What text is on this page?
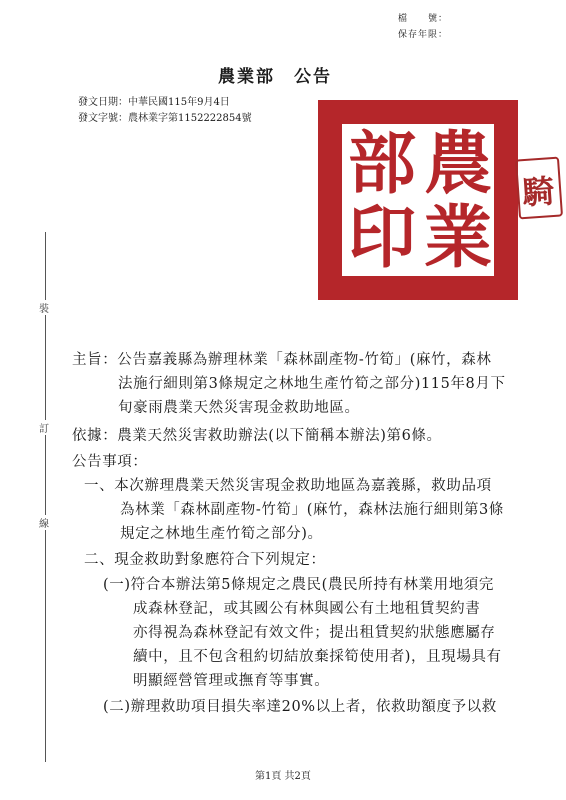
檔　　號：
保存年限：
農業部　公告
發文日期：中華民國115年9月4日
發文字號：農林業字第1152222854號
農
業
部
印
騎
裝
訂
線
主旨：公告嘉義縣為辦理林業「森林副產物-竹筍」(麻竹，森林
法施行細則第3條規定之林地生產竹筍之部分)115年8月下
旬豪雨農業天然災害現金救助地區。
依據：農業天然災害救助辦法(以下簡稱本辦法)第6條。
公告事項：
一、本次辦理農業天然災害現金救助地區為嘉義縣，救助品項
為林業「森林副產物-竹筍」(麻竹，森林法施行細則第3條
規定之林地生產竹筍之部分)。
二、現金救助對象應符合下列規定：
(一)符合本辦法第5條規定之農民(農民所持有林業用地須完
成森林登記，或其國公有林與國公有土地租賃契約書
亦得視為森林登記有效文件；提出租賃契約狀態應屬存
續中，且不包含租約切結放棄採筍使用者)，且現場具有
明顯經營管理或撫育等事實。
(二)辦理救助項目損失率達20%以上者，依救助額度予以救
第1頁 共2頁
